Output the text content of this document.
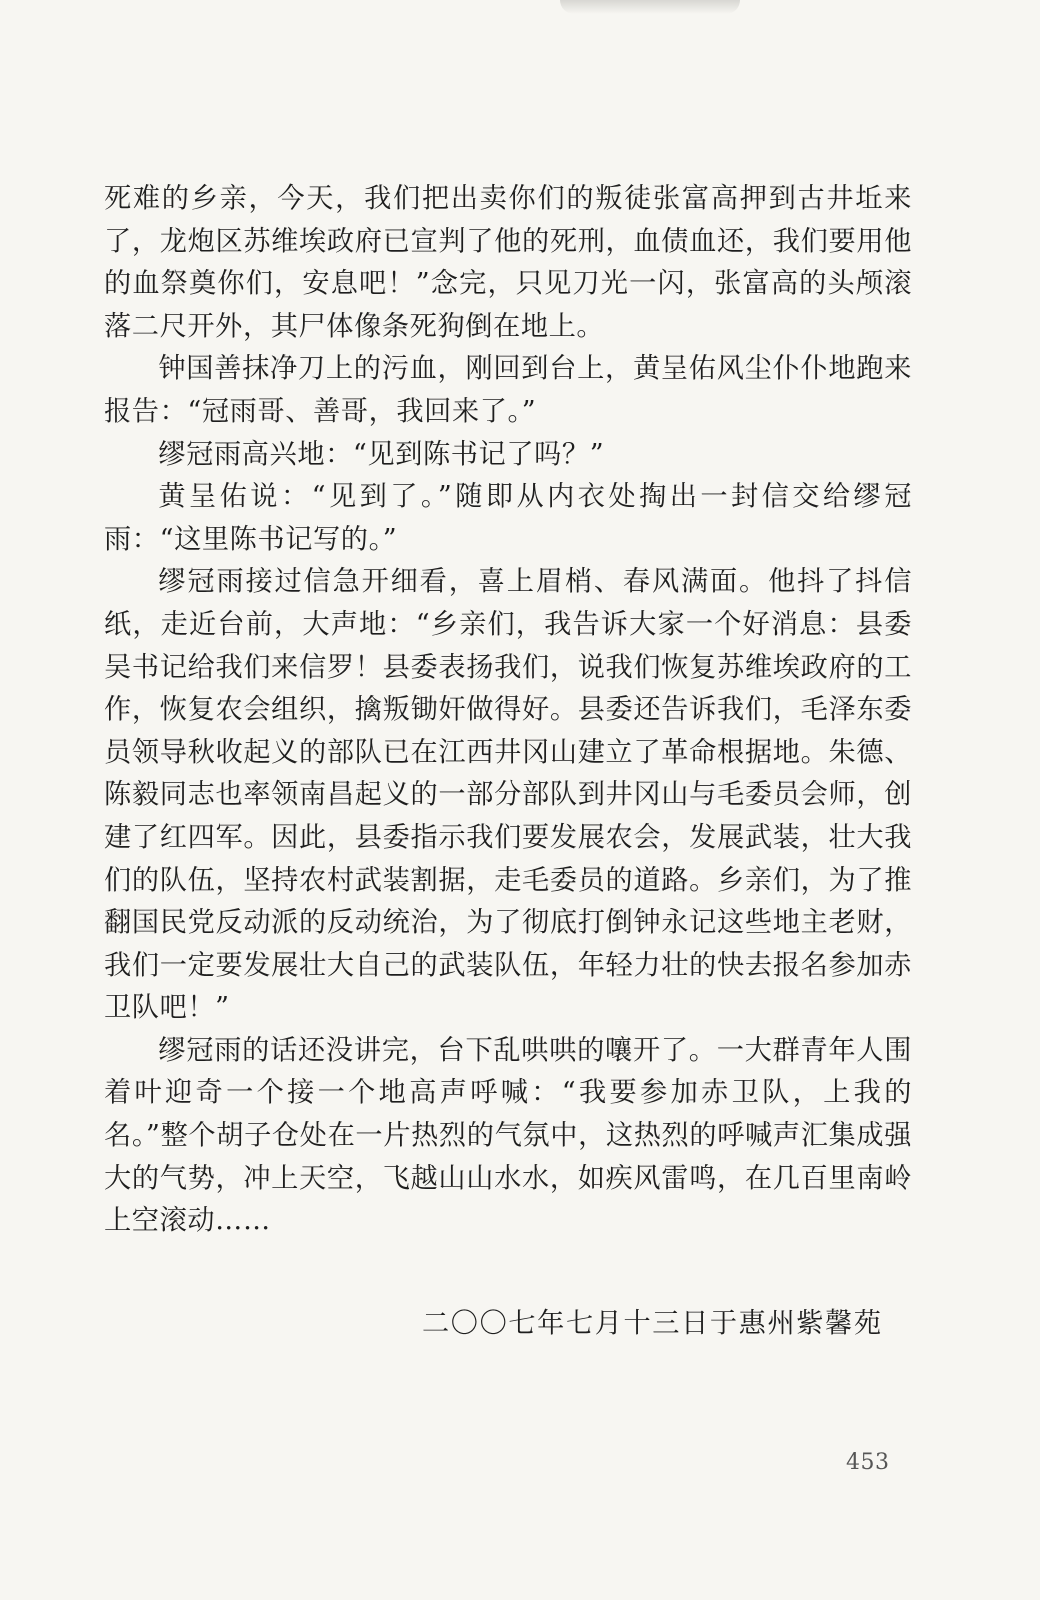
死难的乡亲，今天，我们把出卖你们的叛徒张富高押到古井坵来了，龙炮区苏维埃政府已宣判了他的死刑，血债血还，我们要用他的血祭奠你们，安息吧！”念完，只见刀光一闪，张富高的头颅滚落二尺开外，其尸体像条死狗倒在地上。

钟国善抹净刀上的污血，刚回到台上，黄呈佑风尘仆仆地跑来报告：“冠雨哥、善哥，我回来了。”

缪冠雨高兴地：“见到陈书记了吗？”

黄呈佑说：“见到了。”随即从内衣处掏出一封信交给缪冠雨：“这里陈书记写的。”

缪冠雨接过信急开细看，喜上眉梢、春风满面。他抖了抖信纸，走近台前，大声地：“乡亲们，我告诉大家一个好消息：县委吴书记给我们来信罗！县委表扬我们，说我们恢复苏维埃政府的工作，恢复农会组织，擒叛锄奸做得好。县委还告诉我们，毛泽东委员领导秋收起义的部队已在江西井冈山建立了革命根据地。朱德、陈毅同志也率领南昌起义的一部分部队到井冈山与毛委员会师，创建了红四军。因此，县委指示我们要发展农会，发展武装，壮大我们的队伍，坚持农村武装割据，走毛委员的道路。乡亲们，为了推翻国民党反动派的反动统治，为了彻底打倒钟永记这些地主老财，我们一定要发展壮大自己的武装队伍，年轻力壮的快去报名参加赤卫队吧！”

缪冠雨的话还没讲完，台下乱哄哄的嚷开了。一大群青年人围着叶迎奇一个接一个地高声呼喊：“我要参加赤卫队，上我的名。”整个胡子仓处在一片热烈的气氛中，这热烈的呼喊声汇集成强大的气势，冲上天空，飞越山山水水，如疾风雷鸣，在几百里南岭上空滚动……

二〇〇七年七月十三日于惠州紫馨苑
453
